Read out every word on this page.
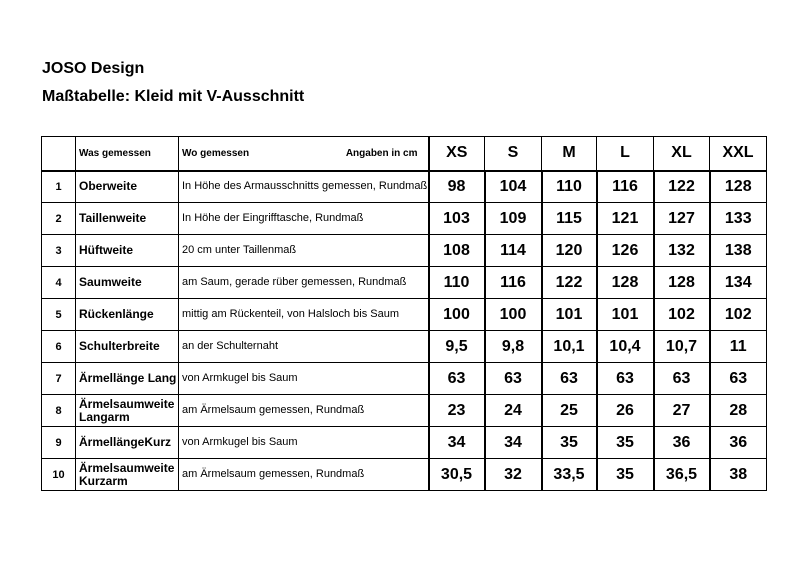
JOSO Design
Maßtabelle: Kleid mit V-Ausschnitt
	Was gemessen	Wo gemessen Angaben in cm	XS	S	M	L	XL	XXL
1	Oberweite	In Höhe des Armausschnitts gemessen, Rundmaß	98	104	110	116	122	128
2	Taillenweite	In Höhe der Eingrifftasche, Rundmaß	103	109	115	121	127	133
3	Hüftweite	20 cm unter Taillenmaß	108	114	120	126	132	138
4	Saumweite	am Saum, gerade rüber gemessen, Rundmaß	110	116	122	128	128	134
5	Rückenlänge	mittig am Rückenteil, von Halsloch bis Saum	100	100	101	101	102	102
6	Schulterbreite	an der Schulternaht	9,5	9,8	10,1	10,4	10,7	11
7	Ärmellänge Lang	von Armkugel bis Saum	63	63	63	63	63	63
8	Ärmelsaumweite Langarm	am Ärmelsaum gemessen, Rundmaß	23	24	25	26	27	28
9	ÄrmellängeKurz	von Armkugel bis Saum	34	34	35	35	36	36
10	Ärmelsaumweite Kurzarm	am Ärmelsaum gemessen, Rundmaß	30,5	32	33,5	35	36,5	38
